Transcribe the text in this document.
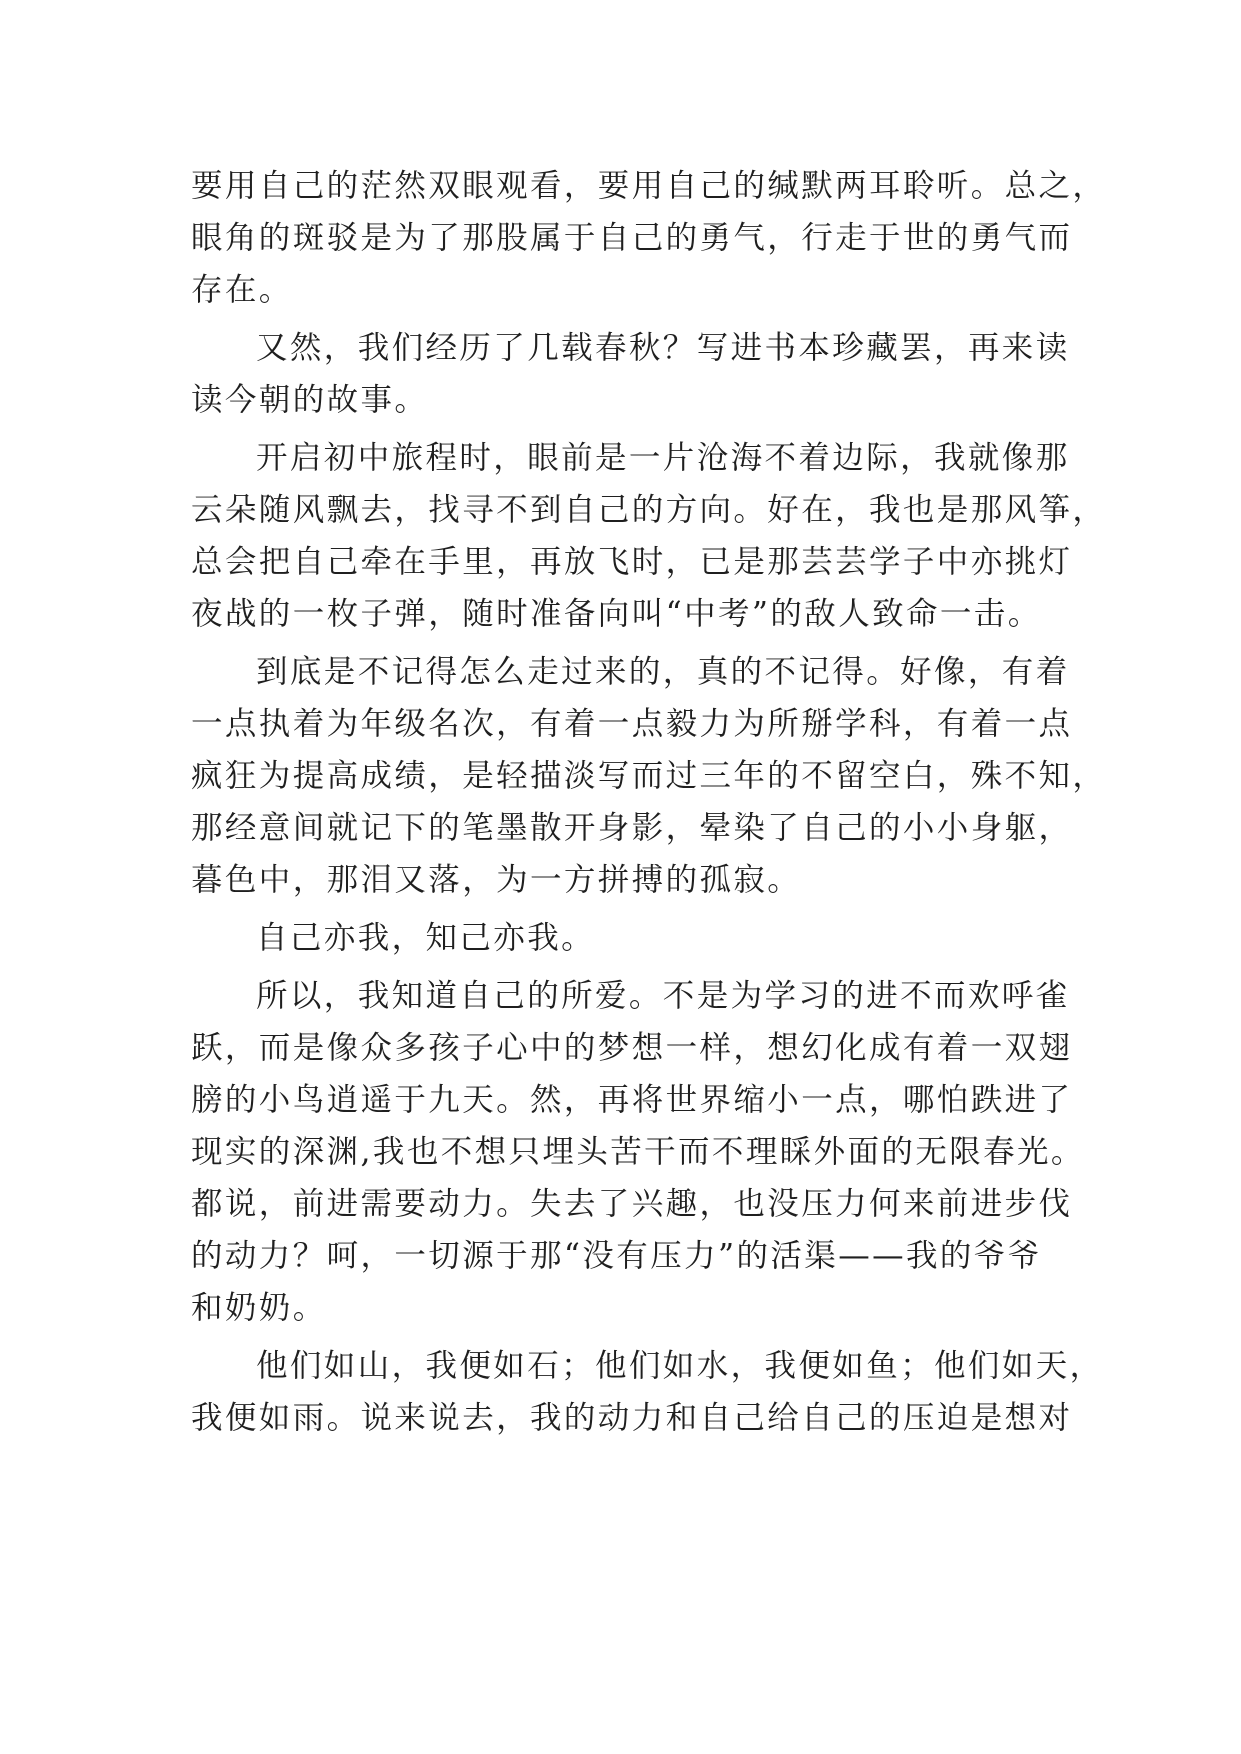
要用自己的茫然双眼观看，要用自己的缄默两耳聆听。总之，
眼角的斑驳是为了那股属于自己的勇气，行走于世的勇气而
存在。
又然，我们经历了几载春秋？写进书本珍藏罢，再来读
读今朝的故事。
开启初中旅程时，眼前是一片沧海不着边际，我就像那
云朵随风飘去，找寻不到自己的方向。好在，我也是那风筝，
总会把自己牵在手里，再放飞时，已是那芸芸学子中亦挑灯
夜战的一枚子弹，随时准备向叫“中考”的敌人致命一击。
到底是不记得怎么走过来的，真的不记得。好像，有着
一点执着为年级名次，有着一点毅力为所掰学科，有着一点
疯狂为提高成绩，是轻描淡写而过三年的不留空白，殊不知，
那经意间就记下的笔墨散开身影，晕染了自己的小小身躯，
暮色中，那泪又落，为一方拼搏的孤寂。
自己亦我，知己亦我。
所以，我知道自己的所爱。不是为学习的进不而欢呼雀
跃，而是像众多孩子心中的梦想一样，想幻化成有着一双翅
膀的小鸟逍遥于九天。然，再将世界缩小一点，哪怕跌进了
现实的深渊,我也不想只埋头苦干而不理睬外面的无限春光。
都说，前进需要动力。失去了兴趣，也没压力何来前进步伐
的动力？呵，一切源于那“没有压力”的活渠——我的爷爷
和奶奶。
他们如山，我便如石；他们如水，我便如鱼；他们如天，
我便如雨。说来说去，我的动力和自己给自己的压迫是想对
